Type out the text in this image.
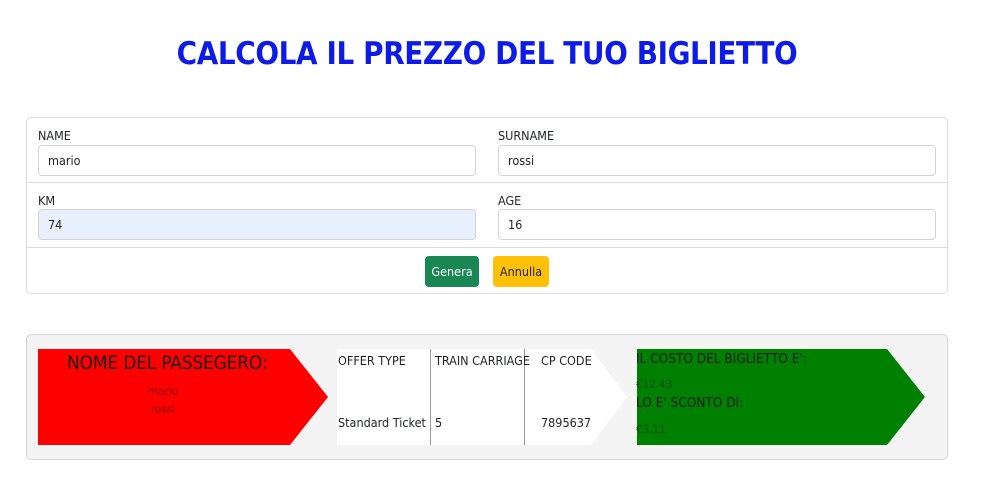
CALCOLA IL PREZZO DEL TUO BIGLIETTO
NAME
mario
SURNAME
rossi
KM
74
AGE
16
Genera	Annulla
NOME DEL PASSEGERO:
mario
rossi
OFFER TYPE
Standard Ticket
TRAIN CARRIAGE
5
CP CODE
7895637
IL COSTO DEL BIGLIETTO E':
€12.43
LO E' SCONTO DI:
€3.11
